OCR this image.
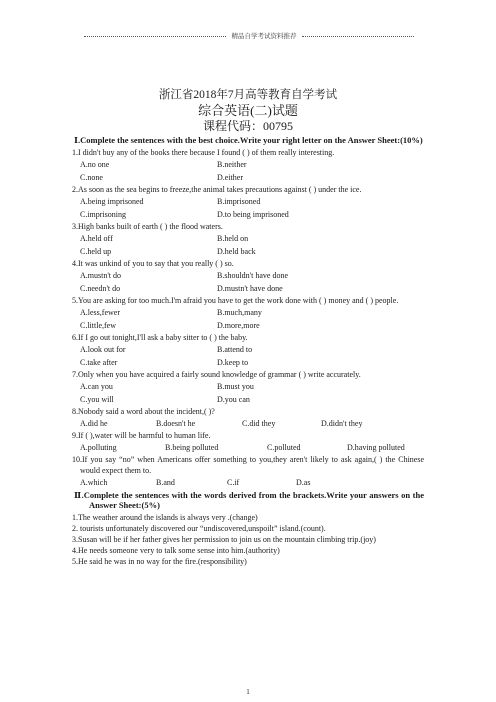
精品自学考试资料推荐
浙江省2018年7月高等教育自学考试
综合英语(二)试题
课程代码：00795

Ⅰ.Complete the sentences with the best choice.Write your right letter on the Answer Sheet:(10%)

1.I didn't buy any of the books there because I found ( ) of them really interesting.

A.no one	B.neither
C.none	D.either

2.As soon as the sea begins to freeze,the animal takes precautions against ( ) under the ice.

A.being imprisoned	B.imprisoned
C.imprisoning	D.to being imprisoned

3.High banks built of earth ( ) the flood waters.

A.held off	B.held on
C.held up	D.held back

4.It was unkind of you to say that you really ( ) so.

A.mustn't do	B.shouldn't have done
C.needn't do	D.mustn't have done

5.You are asking for too much.I'm afraid you have to get the work done with ( ) money and ( ) people.

A.less,fewer	B.much,many
C.little,few	D.more,more

6.If I go out tonight,I'll ask a baby sitter to ( ) the baby.

A.look out for	B.attend to
C.take after	D.keep to

7.Only when you have acquired a fairly sound knowledge of grammar ( ) write accurately.

A.can you	B.must you
C.you will	D.you can

8.Nobody said a word about the incident,( )?

A.did he	B.doesn't he	C.did they	D.didn't they

9.If ( ),water will be harmful to human life.

A.polluting	B.being polluted	C.polluted	D.having polluted

10.If you say “no” when Americans offer something to you,they aren't likely to ask again,( ) the Chinese would expect them to.

A.which	B.and	C.if	D.as

Ⅱ.Complete the sentences with the words derived from the brackets.Write your answers on the Answer Sheet:(5%)

1.The weather around the islands is always very .(change)

2. tourists unfortunately discovered our “undiscovered,unspoilt” island.(count).

3.Susan will be if her father gives her permission to join us on the mountain climbing trip.(joy)

4.He needs someone very to talk some sense into him.(authority)

5.He said he was in no way for the fire.(responsibility)

1
